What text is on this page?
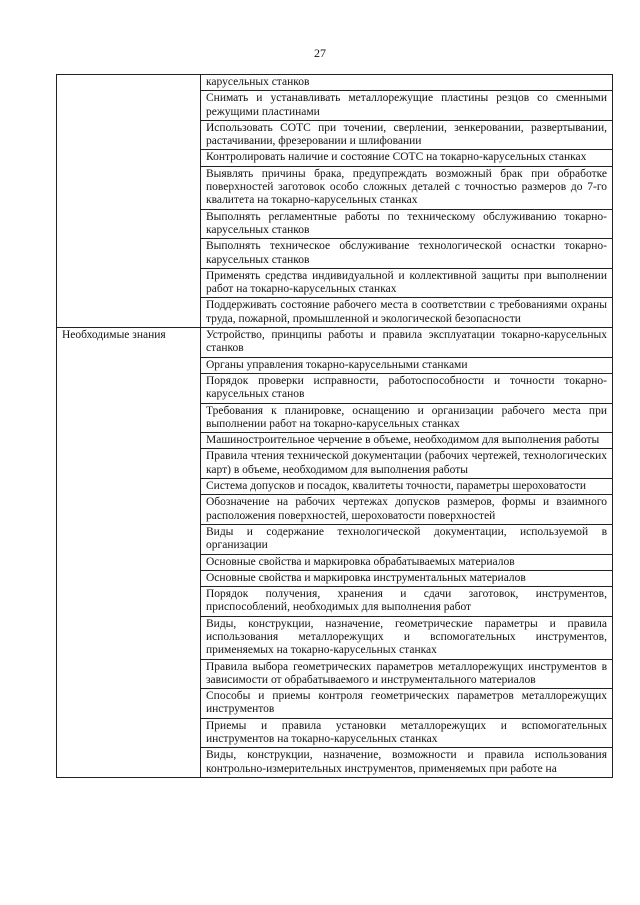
27
	карусельных станков
	Снимать и устанавливать металлорежущие пластины резцов со сменными режущими пластинами
	Использовать СОТС при точении, сверлении, зенкеровании, развертывании, растачивании, фрезеровании и шлифовании
	Контролировать наличие и состояние СОТС на токарно-карусельных станках
	Выявлять причины брака, предупреждать возможный брак при обработке поверхностей заготовок особо сложных деталей с точностью размеров до 7-го квалитета на токарно-карусельных станках
	Выполнять регламентные работы по техническому обслуживанию токарно-карусельных станков
	Выполнять техническое обслуживание технологической оснастки токарно-карусельных станков
	Применять средства индивидуальной и коллективной защиты при выполнении работ на токарно-карусельных станках
	Поддерживать состояние рабочего места в соответствии с требованиями охраны труда, пожарной, промышленной и экологической безопасности
Необходимые знания	Устройство, принципы работы и правила эксплуатации токарно-карусельных станков
	Органы управления токарно-карусельными станками
	Порядок проверки исправности, работоспособности и точности токарно-карусельных станов
	Требования к планировке, оснащению и организации рабочего места при выполнении работ на токарно-карусельных станках
	Машиностроительное черчение в объеме, необходимом для выполнения работы
	Правила чтения технической документации (рабочих чертежей, технологических карт) в объеме, необходимом для выполнения работы
	Система допусков и посадок, квалитеты точности, параметры шероховатости
	Обозначение на рабочих чертежах допусков размеров, формы и взаимного расположения поверхностей, шероховатости поверхностей
	Виды и содержание технологической документации, используемой в организации
	Основные свойства и маркировка обрабатываемых материалов
	Основные свойства и маркировка инструментальных материалов
	Порядок получения, хранения и сдачи заготовок, инструментов, приспособлений, необходимых для выполнения работ
	Виды, конструкции, назначение, геометрические параметры и правила использования металлорежущих и вспомогательных инструментов, применяемых на токарно-карусельных станках
	Правила выбора геометрических параметров металлорежущих инструментов в зависимости от обрабатываемого и инструментального материалов
	Способы и приемы контроля геометрических параметров металлорежущих инструментов
	Приемы и правила установки металлорежущих и вспомогательных инструментов на токарно-карусельных станках
	Виды, конструкции, назначение, возможности и правила использования контрольно-измерительных инструментов, применяемых при работе на
